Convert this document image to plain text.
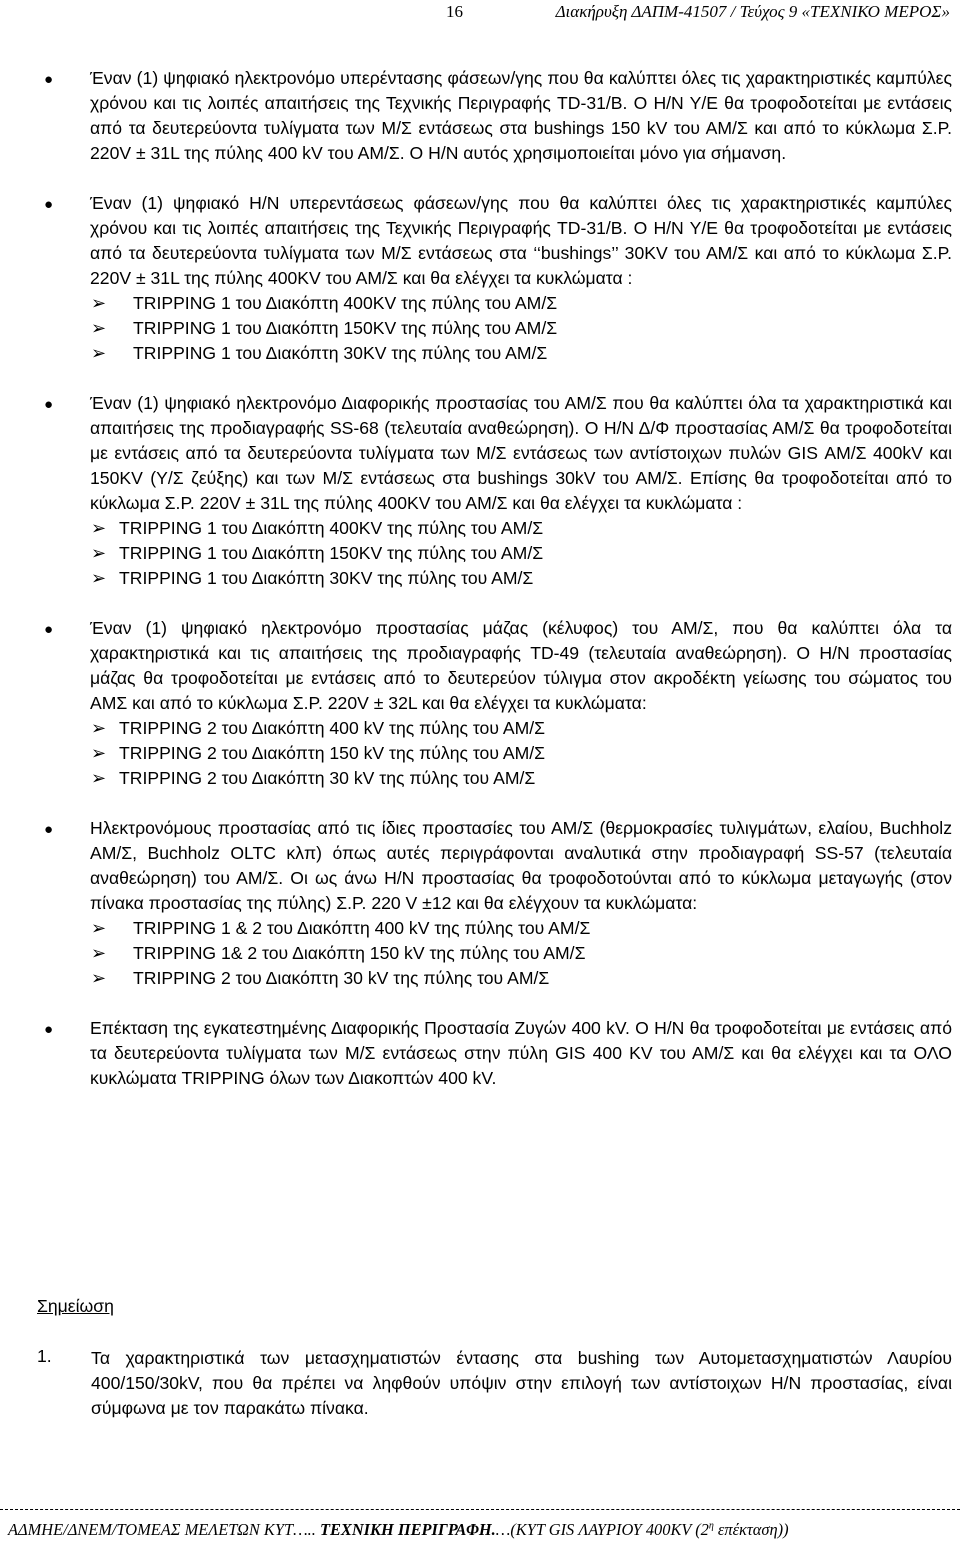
16	Διακήρυξη ΔΑΠΜ-41507 / Τεύχος 9 «ΤΕΧΝΙΚΟ ΜΕΡΟΣ»
● Έναν (1) ψηφιακό ηλεκτρονόμο υπερέντασης φάσεων/γης που θα καλύπτει όλες τις χαρακτηριστικές καμπύλες χρόνου και τις λοιπές απαιτήσεις της Τεχνικής Περιγραφής TD-31/B. Ο Η/Ν Υ/Ε θα τροφοδοτείται με εντάσεις από τα δευτερεύοντα τυλίγματα των Μ/Σ εντάσεως στα bushings 150 kV του ΑΜ/Σ και από το κύκλωμα Σ.Ρ. 220V ± 31L της πύλης 400 kV του ΑΜ/Σ. Ο Η/Ν αυτός χρησιμοποιείται μόνο για σήμανση.

● Έναν (1) ψηφιακό Η/Ν υπερεντάσεως φάσεων/γης που θα καλύπτει όλες τις χαρακτηριστικές καμπύλες χρόνου και τις λοιπές απαιτήσεις της Τεχνικής Περιγραφής TD-31/B. Ο Η/Ν Υ/Ε θα τροφοδοτείται με εντάσεις από τα δευτερεύοντα τυλίγματα των Μ/Σ εντάσεως στα ‘‘bushings’’ 30KV του ΑΜ/Σ και από το κύκλωμα Σ.Ρ. 220V ± 31L της πύλης 400KV του ΑΜ/Σ και θα ελέγχει τα κυκλώματα :

➢ TRIPPING 1 του Διακόπτη 400KV της πύλης του ΑΜ/Σ
➢ TRIPPING 1 του Διακόπτη 150KV της πύλης του ΑΜ/Σ
➢ TRIPPING 1 του Διακόπτη 30KV της πύλης του ΑΜ/Σ
● Έναν (1) ψηφιακό ηλεκτρονόμο Διαφορικής προστασίας του ΑΜ/Σ που θα καλύπτει όλα τα χαρακτηριστικά και απαιτήσεις της προδιαγραφής SS-68 (τελευταία αναθεώρηση). Ο Η/Ν Δ/Φ προστασίας ΑΜ/Σ θα τροφοδοτείται με εντάσεις από τα δευτερεύοντα τυλίγματα των Μ/Σ εντάσεως των αντίστοιχων πυλών GIS ΑΜ/Σ 400kV και 150KV (Υ/Σ ζεύξης) και των Μ/Σ εντάσεως στα bushings 30kV του ΑΜ/Σ. Επίσης θα τροφοδοτείται από το κύκλωμα Σ.Ρ. 220V ± 31L της πύλης 400KV του ΑΜ/Σ και θα ελέγχει τα κυκλώματα :

➢ TRIPPING 1 του Διακόπτη 400KV της πύλης του ΑΜ/Σ
➢ TRIPPING 1 του Διακόπτη 150KV της πύλης του ΑΜ/Σ
➢ TRIPPING 1 του Διακόπτη 30KV της πύλης του ΑΜ/Σ
● Έναν (1) ψηφιακό ηλεκτρονόμο προστασίας μάζας (κέλυφος) του ΑΜ/Σ, που θα καλύπτει όλα τα χαρακτηριστικά και τις απαιτήσεις της προδιαγραφής TD-49 (τελευταία αναθεώρηση). Ο Η/Ν προστασίας μάζας θα τροφοδοτείται με εντάσεις από το δευτερεύον τύλιγμα στον ακροδέκτη γείωσης του σώματος του ΑΜΣ και από το κύκλωμα Σ.Ρ. 220V ± 32L και θα ελέγχει τα κυκλώματα:

➢ TRIPPING 2 του Διακόπτη 400 kV της πύλης του ΑΜ/Σ
➢ TRIPPING 2 του Διακόπτη 150 kV της πύλης του ΑΜ/Σ
➢ TRIPPING 2 του Διακόπτη 30 kV της πύλης του ΑΜ/Σ
● Ηλεκτρονόμους προστασίας από τις ίδιες προστασίες του ΑΜ/Σ (θερμοκρασίες τυλιγμάτων, ελαίου, Buchholz ΑΜ/Σ, Buchholz OLTC κλπ) όπως αυτές περιγράφονται αναλυτικά στην προδιαγραφή SS-57 (τελευταία αναθεώρηση) του ΑΜ/Σ. Οι ως άνω Η/Ν προστασίας θα τροφοδοτούνται από το κύκλωμα μεταγωγής (στον πίνακα προστασίας της πύλης) Σ.Ρ. 220 V ±12 και θα ελέγχουν τα κυκλώματα:

➢ TRIPPING 1 & 2 του Διακόπτη 400 kV της πύλης του ΑΜ/Σ
➢ TRIPPING 1& 2 του Διακόπτη 150 kV της πύλης του ΑΜ/Σ
➢ TRIPPING 2 του Διακόπτη 30 kV της πύλης του ΑΜ/Σ
● Επέκταση της εγκατεστημένης Διαφορικής Προστασία Ζυγών 400 kV. Ο Η/Ν θα τροφοδοτείται με εντάσεις από τα δευτερεύοντα τυλίγματα των Μ/Σ εντάσεως στην πύλη GIS 400 KV του ΑΜ/Σ και θα ελέγχει και τα ΟΛΟ κυκλώματα TRIPPING όλων των Διακοπτών 400 kV.

Σημείωση
1. Τα χαρακτηριστικά των μετασχηματιστών έντασης στα bushing των Αυτομετασχηματιστών Λαυρίου 400/150/30kV, που θα πρέπει να ληφθούν υπόψιν στην επιλογή των αντίστοιχων Η/Ν προστασίας, είναι σύμφωνα με τον παρακάτω πίνακα.

ΑΔΜΗΕ/ΔΝΕΜ/ΤΟΜΕΑΣ ΜΕΛΕΤΩΝ ΚΥΤ….. ΤΕΧΝΙΚΗ ΠΕΡΙΓΡΑΦΗ.…(ΚΥΤ GIS ΛΑΥΡΙΟΥ 400KV ($2^\eta$ επέκταση))
